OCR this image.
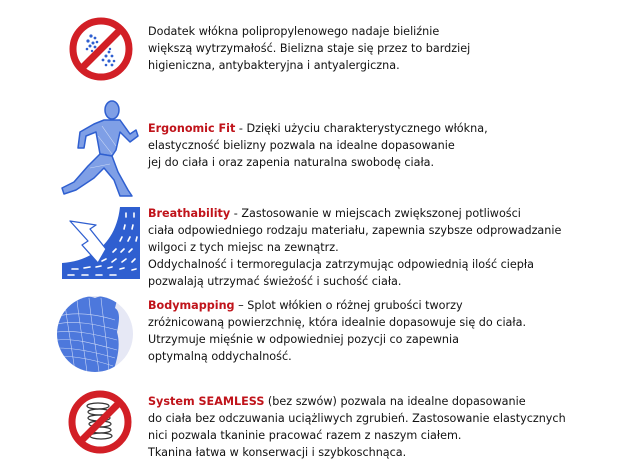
Dodatek włókna polipropylenowego nadaje bieliźnie
większą wytrzymałość. Bielizna staje się przez to bardziej
higieniczna, antybakteryjna i antyalergiczna.
Ergonomic Fit - Dzięki użyciu charakterystycznego włókna,
elastyczność bielizny pozwala na idealne dopasowanie
jej do ciała i oraz zapenia naturalna swobodę ciała.
Breathability - Zastosowanie w miejscach zwiększonej potliwości
ciała odpowiedniego rodzaju materiału, zapewnia szybsze odprowadzanie
wilgoci z tych miejsc na zewnątrz.
Oddychalność i termoregulacja zatrzymując odpowiednią ilość ciepła
pozwalają utrzymać świeżość i suchość ciała.
Bodymapping – Splot włókien o różnej grubości tworzy
zróżnicowaną powierzchnię, która idealnie dopasowuje się do ciała.
Utrzymuje mięśnie w odpowiedniej pozycji co zapewnia
optymalną oddychalność.
System SEAMLESS (bez szwów) pozwala na idealne dopasowanie
do ciała bez odczuwania uciążliwych zgrubień. Zastosowanie elastycznych
nici pozwala tkaninie pracować razem z naszym ciałem.
Tkanina łatwa w konserwacji i szybkoschnąca.
